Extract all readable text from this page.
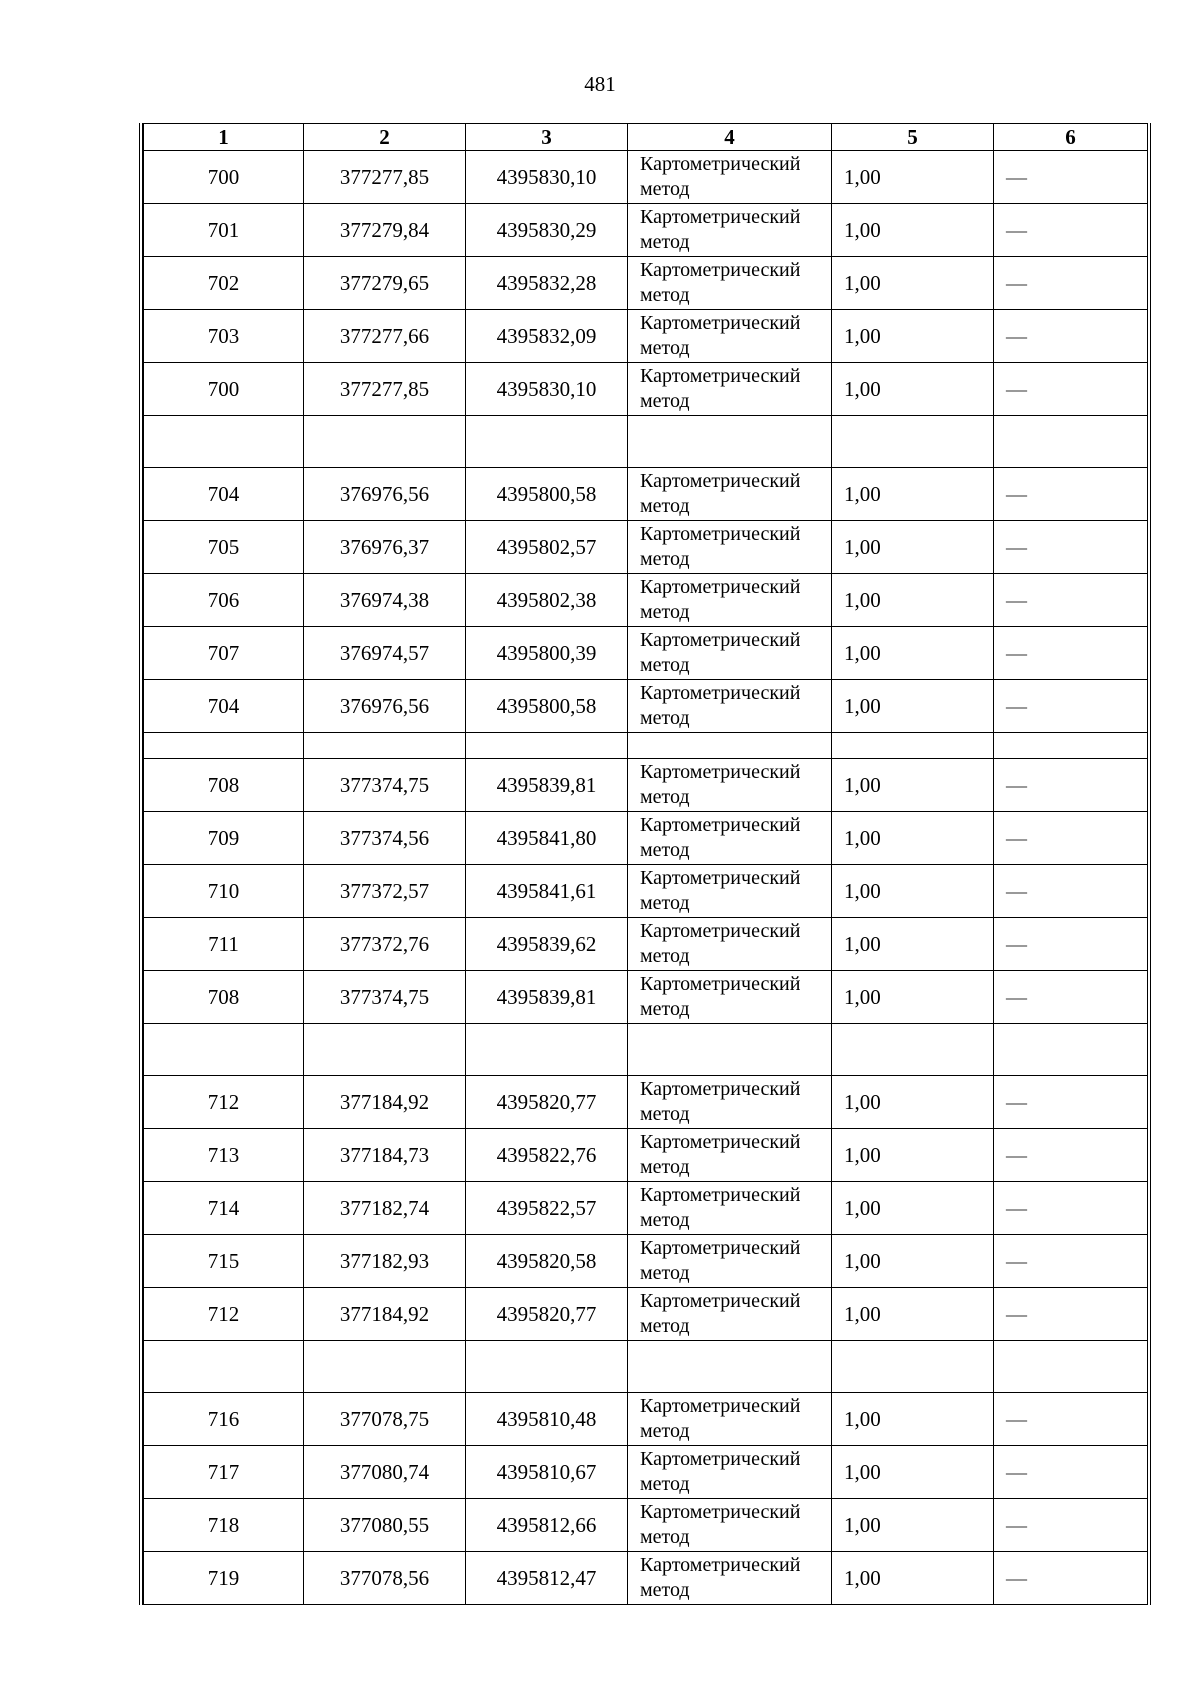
481
1	2	3	4	5	6
700	377277,85	4395830,10	Картометрический
метод	1,00	—
701	377279,84	4395830,29	Картометрический
метод	1,00	—
702	377279,65	4395832,28	Картометрический
метод	1,00	—
703	377277,66	4395832,09	Картометрический
метод	1,00	—
700	377277,85	4395830,10	Картометрический
метод	1,00	—

704	376976,56	4395800,58	Картометрический
метод	1,00	—
705	376976,37	4395802,57	Картометрический
метод	1,00	—
706	376974,38	4395802,38	Картометрический
метод	1,00	—
707	376974,57	4395800,39	Картометрический
метод	1,00	—
704	376976,56	4395800,58	Картометрический
метод	1,00	—

708	377374,75	4395839,81	Картометрический
метод	1,00	—
709	377374,56	4395841,80	Картометрический
метод	1,00	—
710	377372,57	4395841,61	Картометрический
метод	1,00	—
711	377372,76	4395839,62	Картометрический
метод	1,00	—
708	377374,75	4395839,81	Картометрический
метод	1,00	—

712	377184,92	4395820,77	Картометрический
метод	1,00	—
713	377184,73	4395822,76	Картометрический
метод	1,00	—
714	377182,74	4395822,57	Картометрический
метод	1,00	—
715	377182,93	4395820,58	Картометрический
метод	1,00	—
712	377184,92	4395820,77	Картометрический
метод	1,00	—

716	377078,75	4395810,48	Картометрический
метод	1,00	—
717	377080,74	4395810,67	Картометрический
метод	1,00	—
718	377080,55	4395812,66	Картометрический
метод	1,00	—
719	377078,56	4395812,47	Картометрический
метод	1,00	—
